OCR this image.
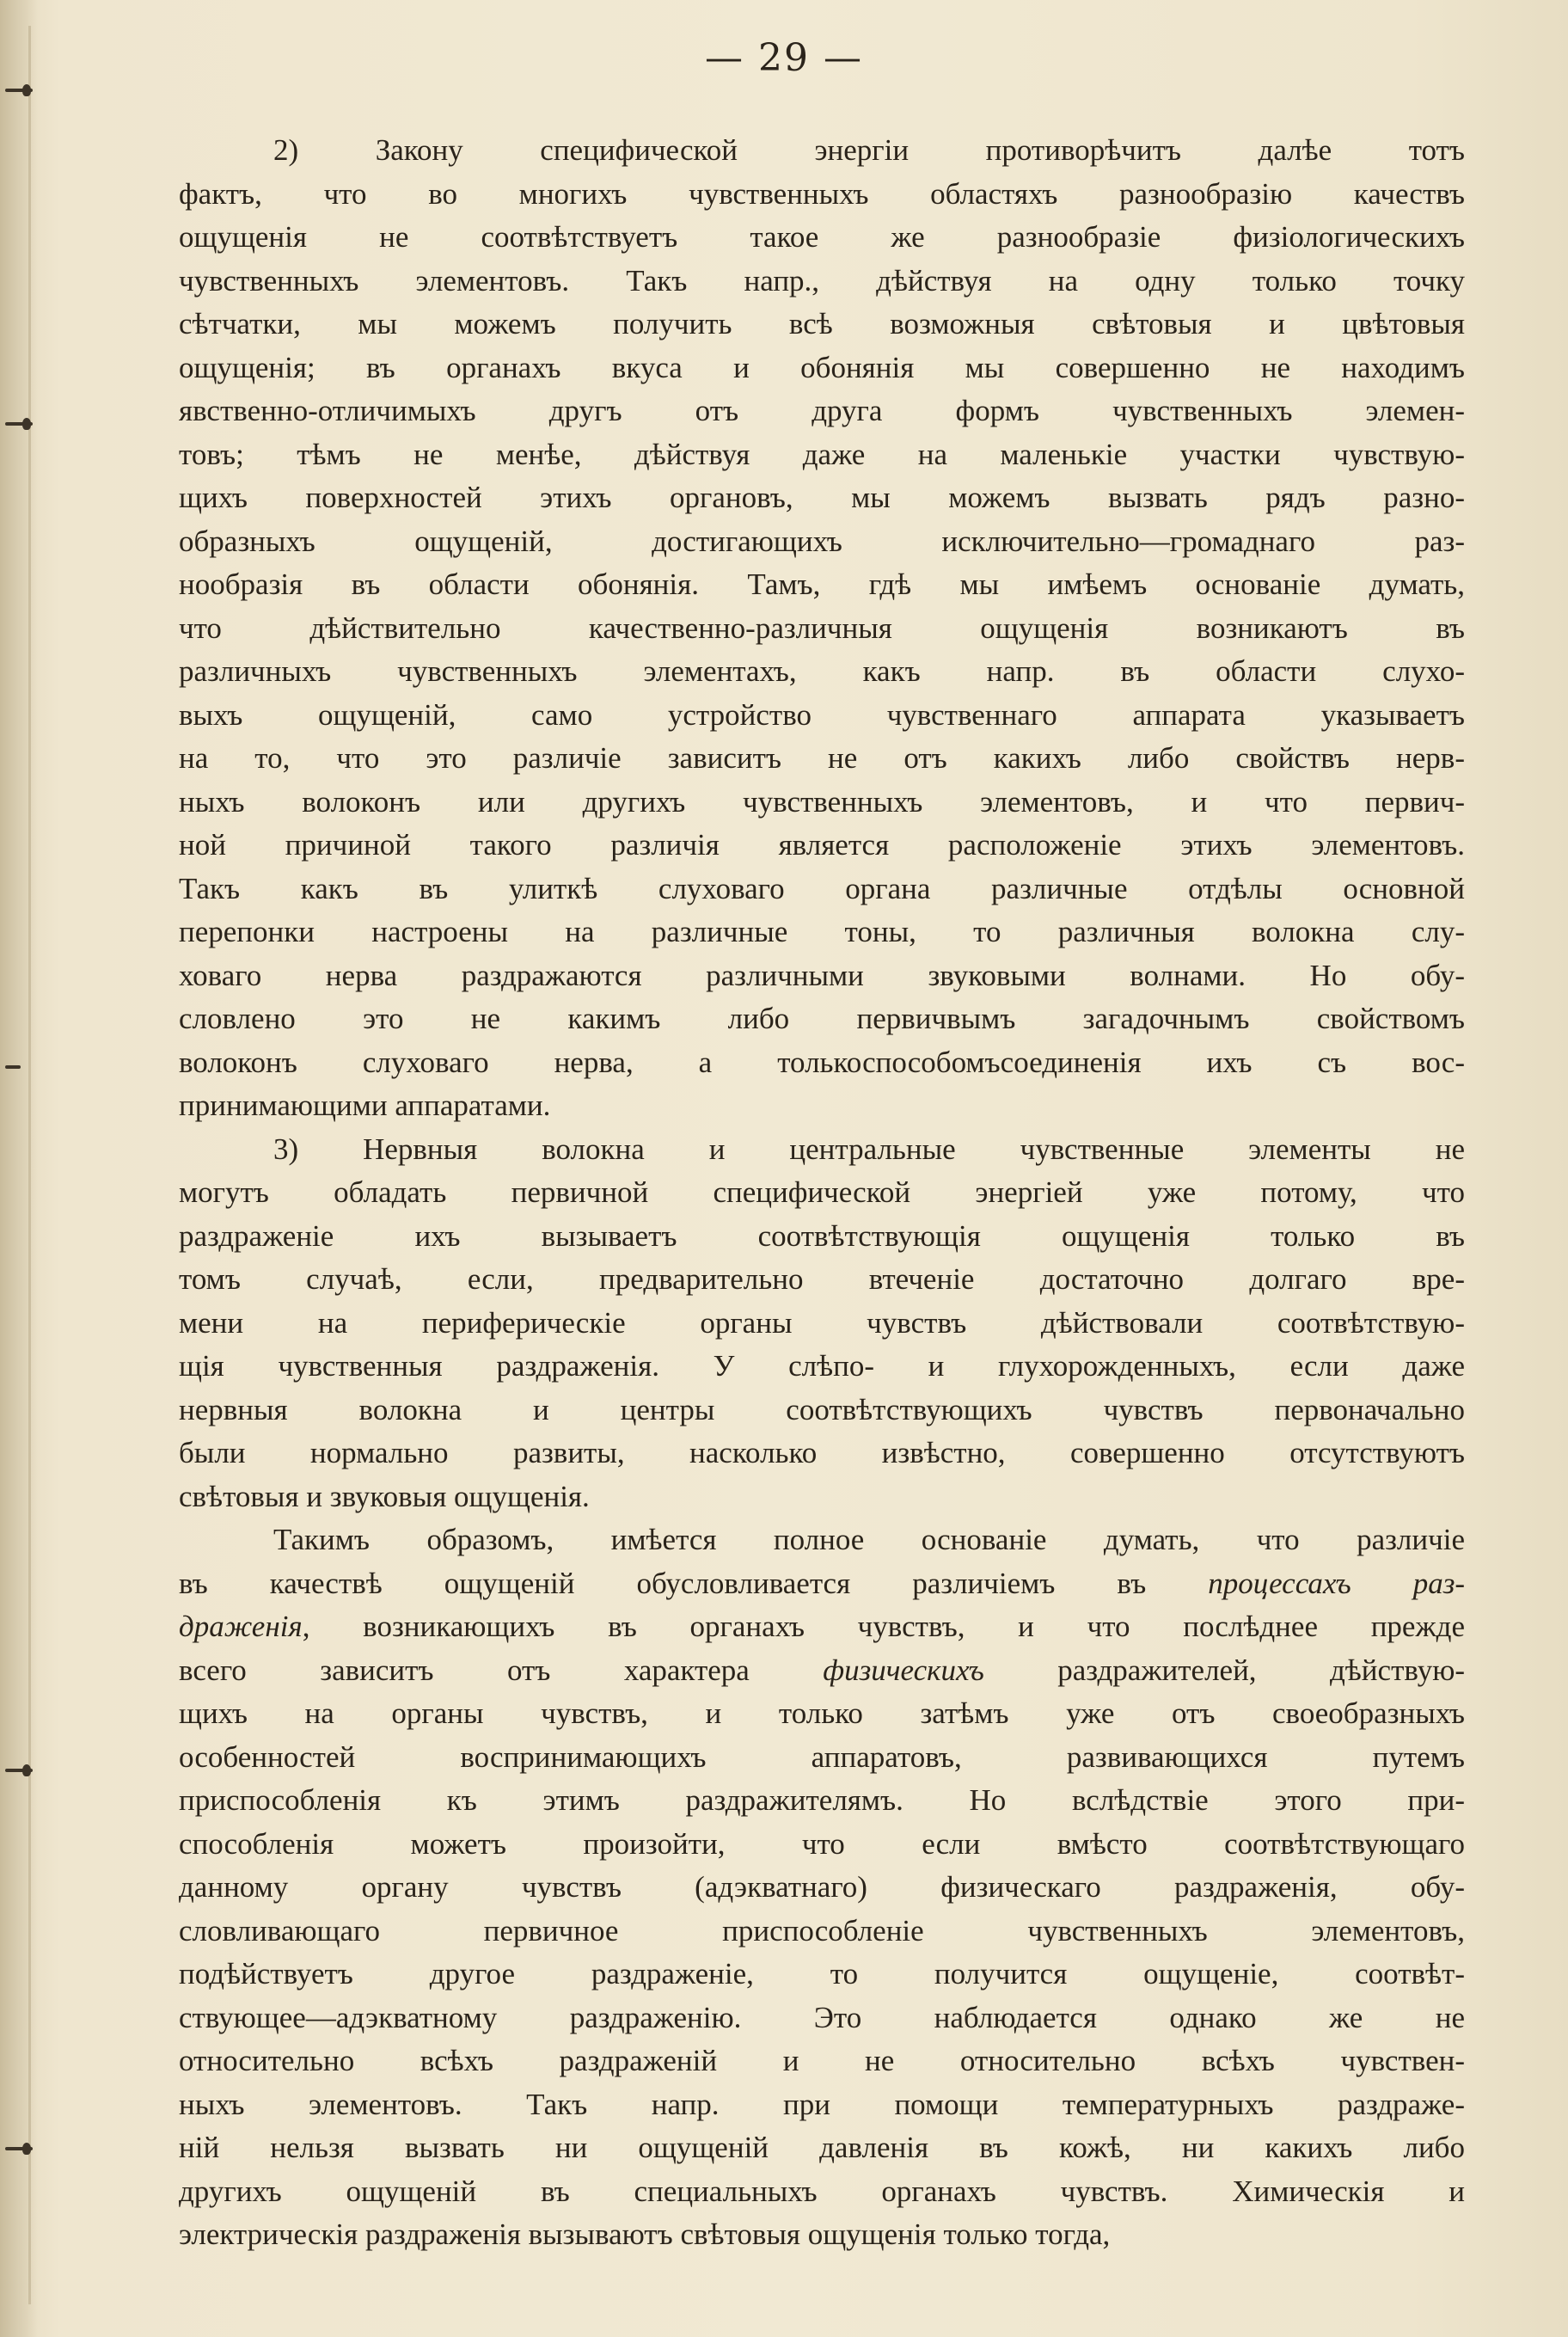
— 29 —
2) Закону специфической энергіи противорѣчитъ далѣе тотъ
фактъ, что во многихъ чувственныхъ областяхъ разнообразію качествъ
ощущенія не соотвѣтствуетъ такое же разнообразіе физіологическихъ
чувственныхъ элементовъ. Такъ напр., дѣйствуя на одну только точку
сѣтчатки, мы можемъ получить всѣ возможныя свѣтовыя и цвѣтовыя
ощущенія; въ органахъ вкуса и обонянія мы совершенно не находимъ
явственно-отличимыхъ другъ отъ друга формъ чувственныхъ элемен-
товъ; тѣмъ не менѣе, дѣйствуя даже на маленькіе участки чувствую-
щихъ поверхностей этихъ органовъ, мы можемъ вызвать рядъ разно-
образныхъ ощущеній, достигающихъ исключительно—громаднаго раз-
нообразія въ области обонянія. Тамъ, гдѣ мы имѣемъ основаніе думать,
что дѣйствительно качественно-различныя ощущенія возникаютъ въ
различныхъ чувственныхъ элементахъ, какъ напр. въ области слухо-
выхъ ощущеній, само устройство чувственнаго аппарата указываетъ
на то, что это различіе зависитъ не отъ какихъ либо свойствъ нерв-
ныхъ волоконъ или другихъ чувственныхъ элементовъ, и что первич-
ной причиной такого различія является расположеніе этихъ элементовъ.
Такъ какъ въ улиткѣ слуховаго органа различные отдѣлы основной
перепонки настроены на различные тоны, то различныя волокна слу-
ховаго нерва раздражаются различными звуковыми волнами. Но обу-
словлено это не какимъ либо первичвымъ загадочнымъ свойствомъ
волоконъ слуховаго нерва, а толькоспособомъсоединенія ихъ съ вос-
принимающими аппаратами.
3) Нервныя волокна и центральные чувственные элементы не
могутъ обладать первичной специфической энергіей уже потому, что
раздраженіе ихъ вызываетъ соотвѣтствующія ощущенія только въ
томъ случаѣ, если, предварительно втеченіе достаточно долгаго вре-
мени на периферическіе органы чувствъ дѣйствовали соотвѣтствую-
щія чувственныя раздраженія. У слѣпо- и глухорожденныхъ, если даже
нервныя волокна и центры соотвѣтствующихъ чувствъ первоначально
были нормально развиты, насколько извѣстно, совершенно отсутствуютъ
свѣтовыя и звуковыя ощущенія.
Такимъ образомъ, имѣется полное основаніе думать, что различіе
въ качествѣ ощущеній обусловливается различіемъ въ процессахъ раз-
драженія, возникающихъ въ органахъ чувствъ, и что послѣднее прежде
всего зависитъ отъ характера физическихъ раздражителей, дѣйствую-
щихъ на органы чувствъ, и только затѣмъ уже отъ своеобразныхъ
особенностей воспринимающихъ аппаратовъ, развивающихся путемъ
приспособленія къ этимъ раздражителямъ. Но вслѣдствіе этого при-
способленія можетъ произойти, что если вмѣсто соотвѣтствующаго
данному органу чувствъ (адэкватнаго) физическаго раздраженія, обу-
словливающаго первичное приспособленіе чувственныхъ элементовъ,
подѣйствуетъ другое раздраженіе, то получится ощущеніе, соотвѣт-
ствующее—адэкватному раздраженію. Это наблюдается однако же не
относительно всѣхъ раздраженій и не относительно всѣхъ чувствен-
ныхъ элементовъ. Такъ напр. при помощи температурныхъ раздраже-
ній нельзя вызвать ни ощущеній давленія въ кожѣ, ни какихъ либо
другихъ ощущеній въ специальныхъ органахъ чувствъ. Химическія и
электрическія раздраженія вызываютъ свѣтовыя ощущенія только тогда,
